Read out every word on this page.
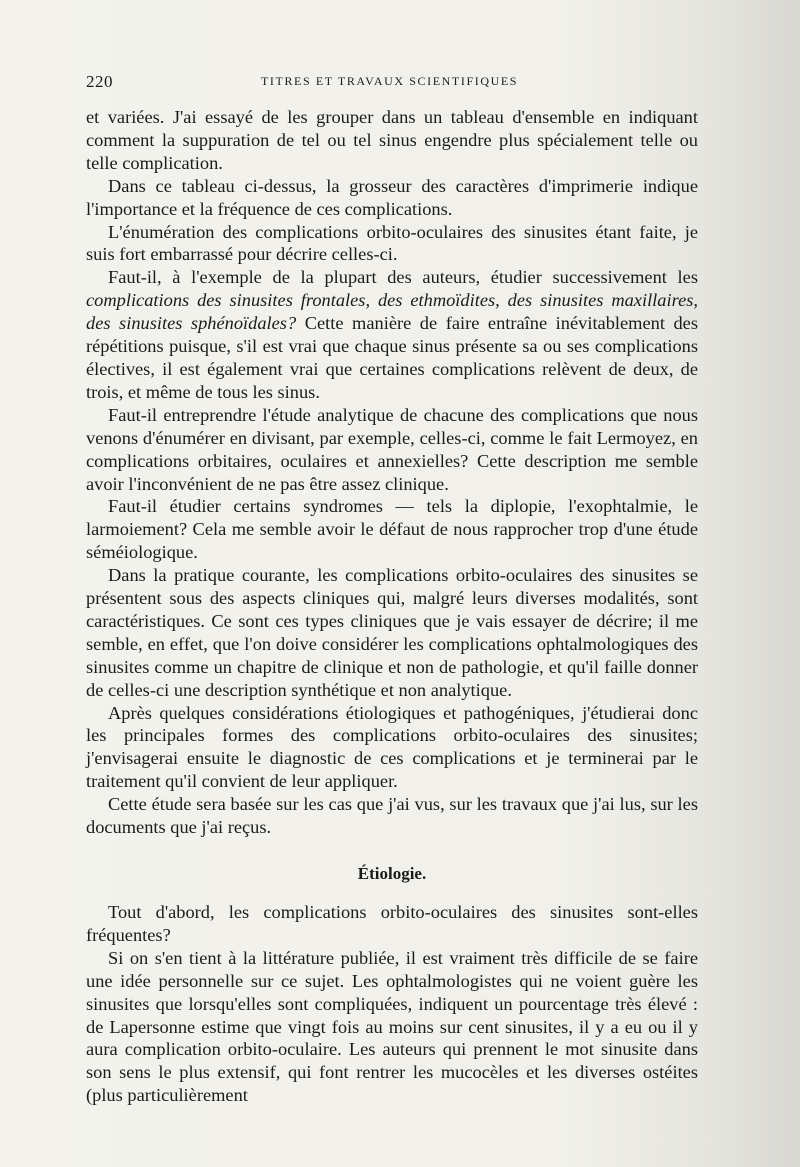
220	TITRES ET TRAVAUX SCIENTIFIQUES

et variées. J'ai essayé de les grouper dans un tableau d'ensemble en indiquant comment la suppuration de tel ou tel sinus engendre plus spécialement telle ou telle complication.

Dans ce tableau ci-dessus, la grosseur des caractères d'imprimerie indique l'importance et la fréquence de ces complications.

L'énumération des complications orbito-oculaires des sinusites étant faite, je suis fort embarrassé pour décrire celles-ci.

Faut-il, à l'exemple de la plupart des auteurs, étudier successivement les complications des sinusites frontales, des ethmoïdites, des sinusites maxillaires, des sinusites sphénoïdales? Cette manière de faire entraîne inévitablement des répétitions puisque, s'il est vrai que chaque sinus présente sa ou ses complications électives, il est également vrai que certaines complications relèvent de deux, de trois, et même de tous les sinus.

Faut-il entreprendre l'étude analytique de chacune des complications que nous venons d'énumérer en divisant, par exemple, celles-ci, comme le fait Lermoyez, en complications orbitaires, oculaires et annexielles? Cette description me semble avoir l'inconvénient de ne pas être assez clinique.

Faut-il étudier certains syndromes — tels la diplopie, l'exophtalmie, le larmoiement? Cela me semble avoir le défaut de nous rapprocher trop d'une étude séméiologique.

Dans la pratique courante, les complications orbito-oculaires des sinusites se présentent sous des aspects cliniques qui, malgré leurs diverses modalités, sont caractéristiques. Ce sont ces types cliniques que je vais essayer de décrire; il me semble, en effet, que l'on doive considérer les complications ophtalmologiques des sinusites comme un chapitre de clinique et non de pathologie, et qu'il faille donner de celles-ci une description synthétique et non analytique.

Après quelques considérations étiologiques et pathogéniques, j'étudierai donc les principales formes des complications orbito-oculaires des sinusites; j'envisagerai ensuite le diagnostic de ces complications et je terminerai par le traitement qu'il convient de leur appliquer.

Cette étude sera basée sur les cas que j'ai vus, sur les travaux que j'ai lus, sur les documents que j'ai reçus.

Étiologie.

Tout d'abord, les complications orbito-oculaires des sinusites sont-elles fréquentes?

Si on s'en tient à la littérature publiée, il est vraiment très difficile de se faire une idée personnelle sur ce sujet. Les ophtalmologistes qui ne voient guère les sinusites que lorsqu'elles sont compliquées, indiquent un pourcentage très élevé : de Lapersonne estime que vingt fois au moins sur cent sinusites, il y a eu ou il y aura complication orbito-oculaire. Les auteurs qui prennent le mot sinusite dans son sens le plus extensif, qui font rentrer les mucocèles et les diverses ostéites (plus particulièrement
